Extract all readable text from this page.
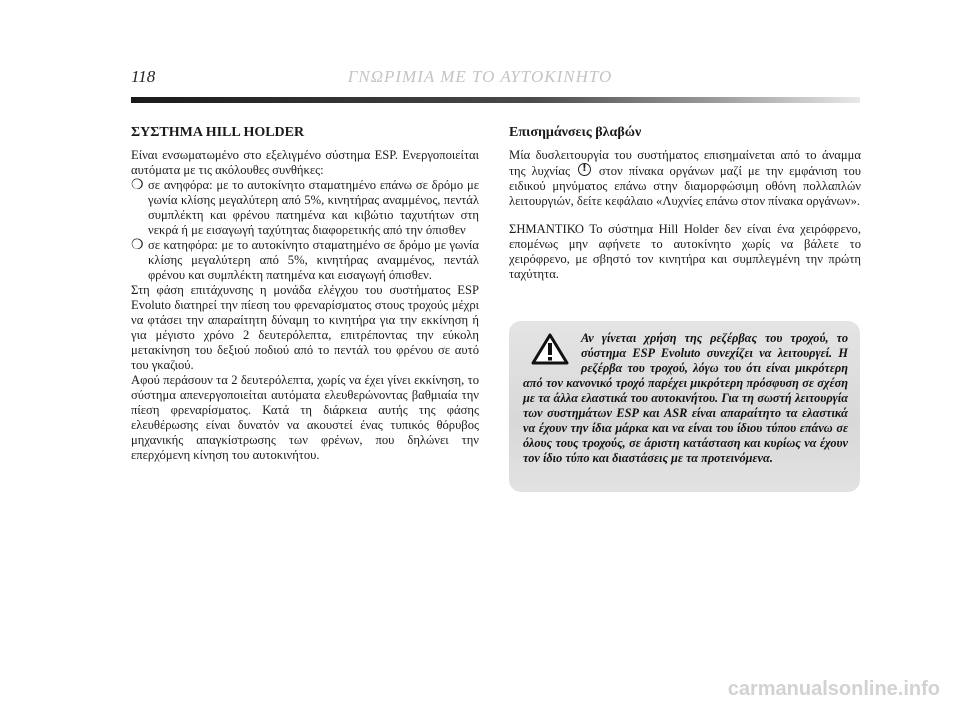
118	ΓΝΩΡΙΜΙΑ ΜΕ ΤΟ ΑΥΤΟΚΙΝΗΤΟ
ΣΥΣΤΗΜΑ HILL HOLDER

Είναι ενσωματωμένο στο εξελιγμένο σύστημα ESP. Ενεργοποιείται αυτόματα με τις ακόλουθες συνθήκες:

❍ σε ανηφόρα: με το αυτοκίνητο σταματημένο επάνω σε δρόμο με γωνία κλίσης μεγαλύτερη από 5%, κινητήρας αναμμένος, πεντάλ συμπλέκτη και φρένου πατημένα και κιβώτιο ταχυτήτων στη νεκρά ή με εισαγωγή ταχύτητας διαφορετικής από την όπισθεν
❍ σε κατηφόρα: με το αυτοκίνητο σταματημένο σε δρόμο με γωνία κλίσης μεγαλύτερη από 5%, κινητήρας αναμμένος, πεντάλ φρένου και συμπλέκτη πατημένα και εισαγωγή όπισθεν.

Στη φάση επιτάχυνσης η μονάδα ελέγχου του συστήματος ESP Evoluto διατηρεί την πίεση του φρεναρίσματος στους τροχούς μέχρι να φτάσει την απαραίτητη δύναμη το κινητήρα για την εκκίνηση ή για μέγιστο χρόνο 2 δευτερόλεπτα, επιτρέποντας την εύκολη μετακίνηση του δεξιού ποδιού από το πεντάλ του φρένου σε αυτό του γκαζιού.

Αφού περάσουν τα 2 δευτερόλεπτα, χωρίς να έχει γίνει εκκίνηση, το σύστημα απενεργοποιείται αυτόματα ελευθερώνοντας βαθμιαία την πίεση φρεναρίσματος. Κατά τη διάρκεια αυτής της φάσης ελευθέρωσης είναι δυνατόν να ακουστεί ένας τυπικός θόρυβος μηχανικής απαγκίστρωσης των φρένων, που δηλώνει την επερχόμενη κίνηση του αυτοκινήτου.

Επισημάνσεις βλαβών

Μία δυσλειτουργία του συστήματος επισημαίνεται από το άναμμα της λυχνίας ! στον πίνακα οργάνων μαζί με την εμφάνιση του ειδικού μηνύματος επάνω στην διαμορφώσιμη οθόνη πολλαπλών λειτουργιών, δείτε κεφάλαιο «Λυχνίες επάνω στον πίνακα οργάνων».

ΣΗΜΑΝΤΙΚΟ Το σύστημα Hill Holder δεν είναι ένα χειρόφρενο, επομένως μην αφήνετε το αυτοκίνητο χωρίς να βάλετε το χειρόφρενο, με σβηστό τον κινητήρα και συμπλεγμένη την πρώτη ταχύτητα.

Αν γίνεται χρήση της ρεζέρβας του τροχού, το σύστημα ESP Evoluto συνεχίζει να λειτουργεί. Η ρεζέρβα του τροχού, λόγω του ότι είναι μικρότερη από τον κανονικό τροχό παρέχει μικρότερη πρόσφυση σε σχέση με τα άλλα ελαστικά του αυτοκινήτου. Για τη σωστή λειτουργία των συστημάτων ESP και ASR είναι απαραίτητο τα ελαστικά να έχουν την ίδια μάρκα και να είναι του ίδιου τύπου επάνω σε όλους τους τροχούς, σε άριστη κατάσταση και κυρίως να έχουν τον ίδιο τύπο και διαστάσεις με τα προτεινόμενα.
carmanualsonline.info
